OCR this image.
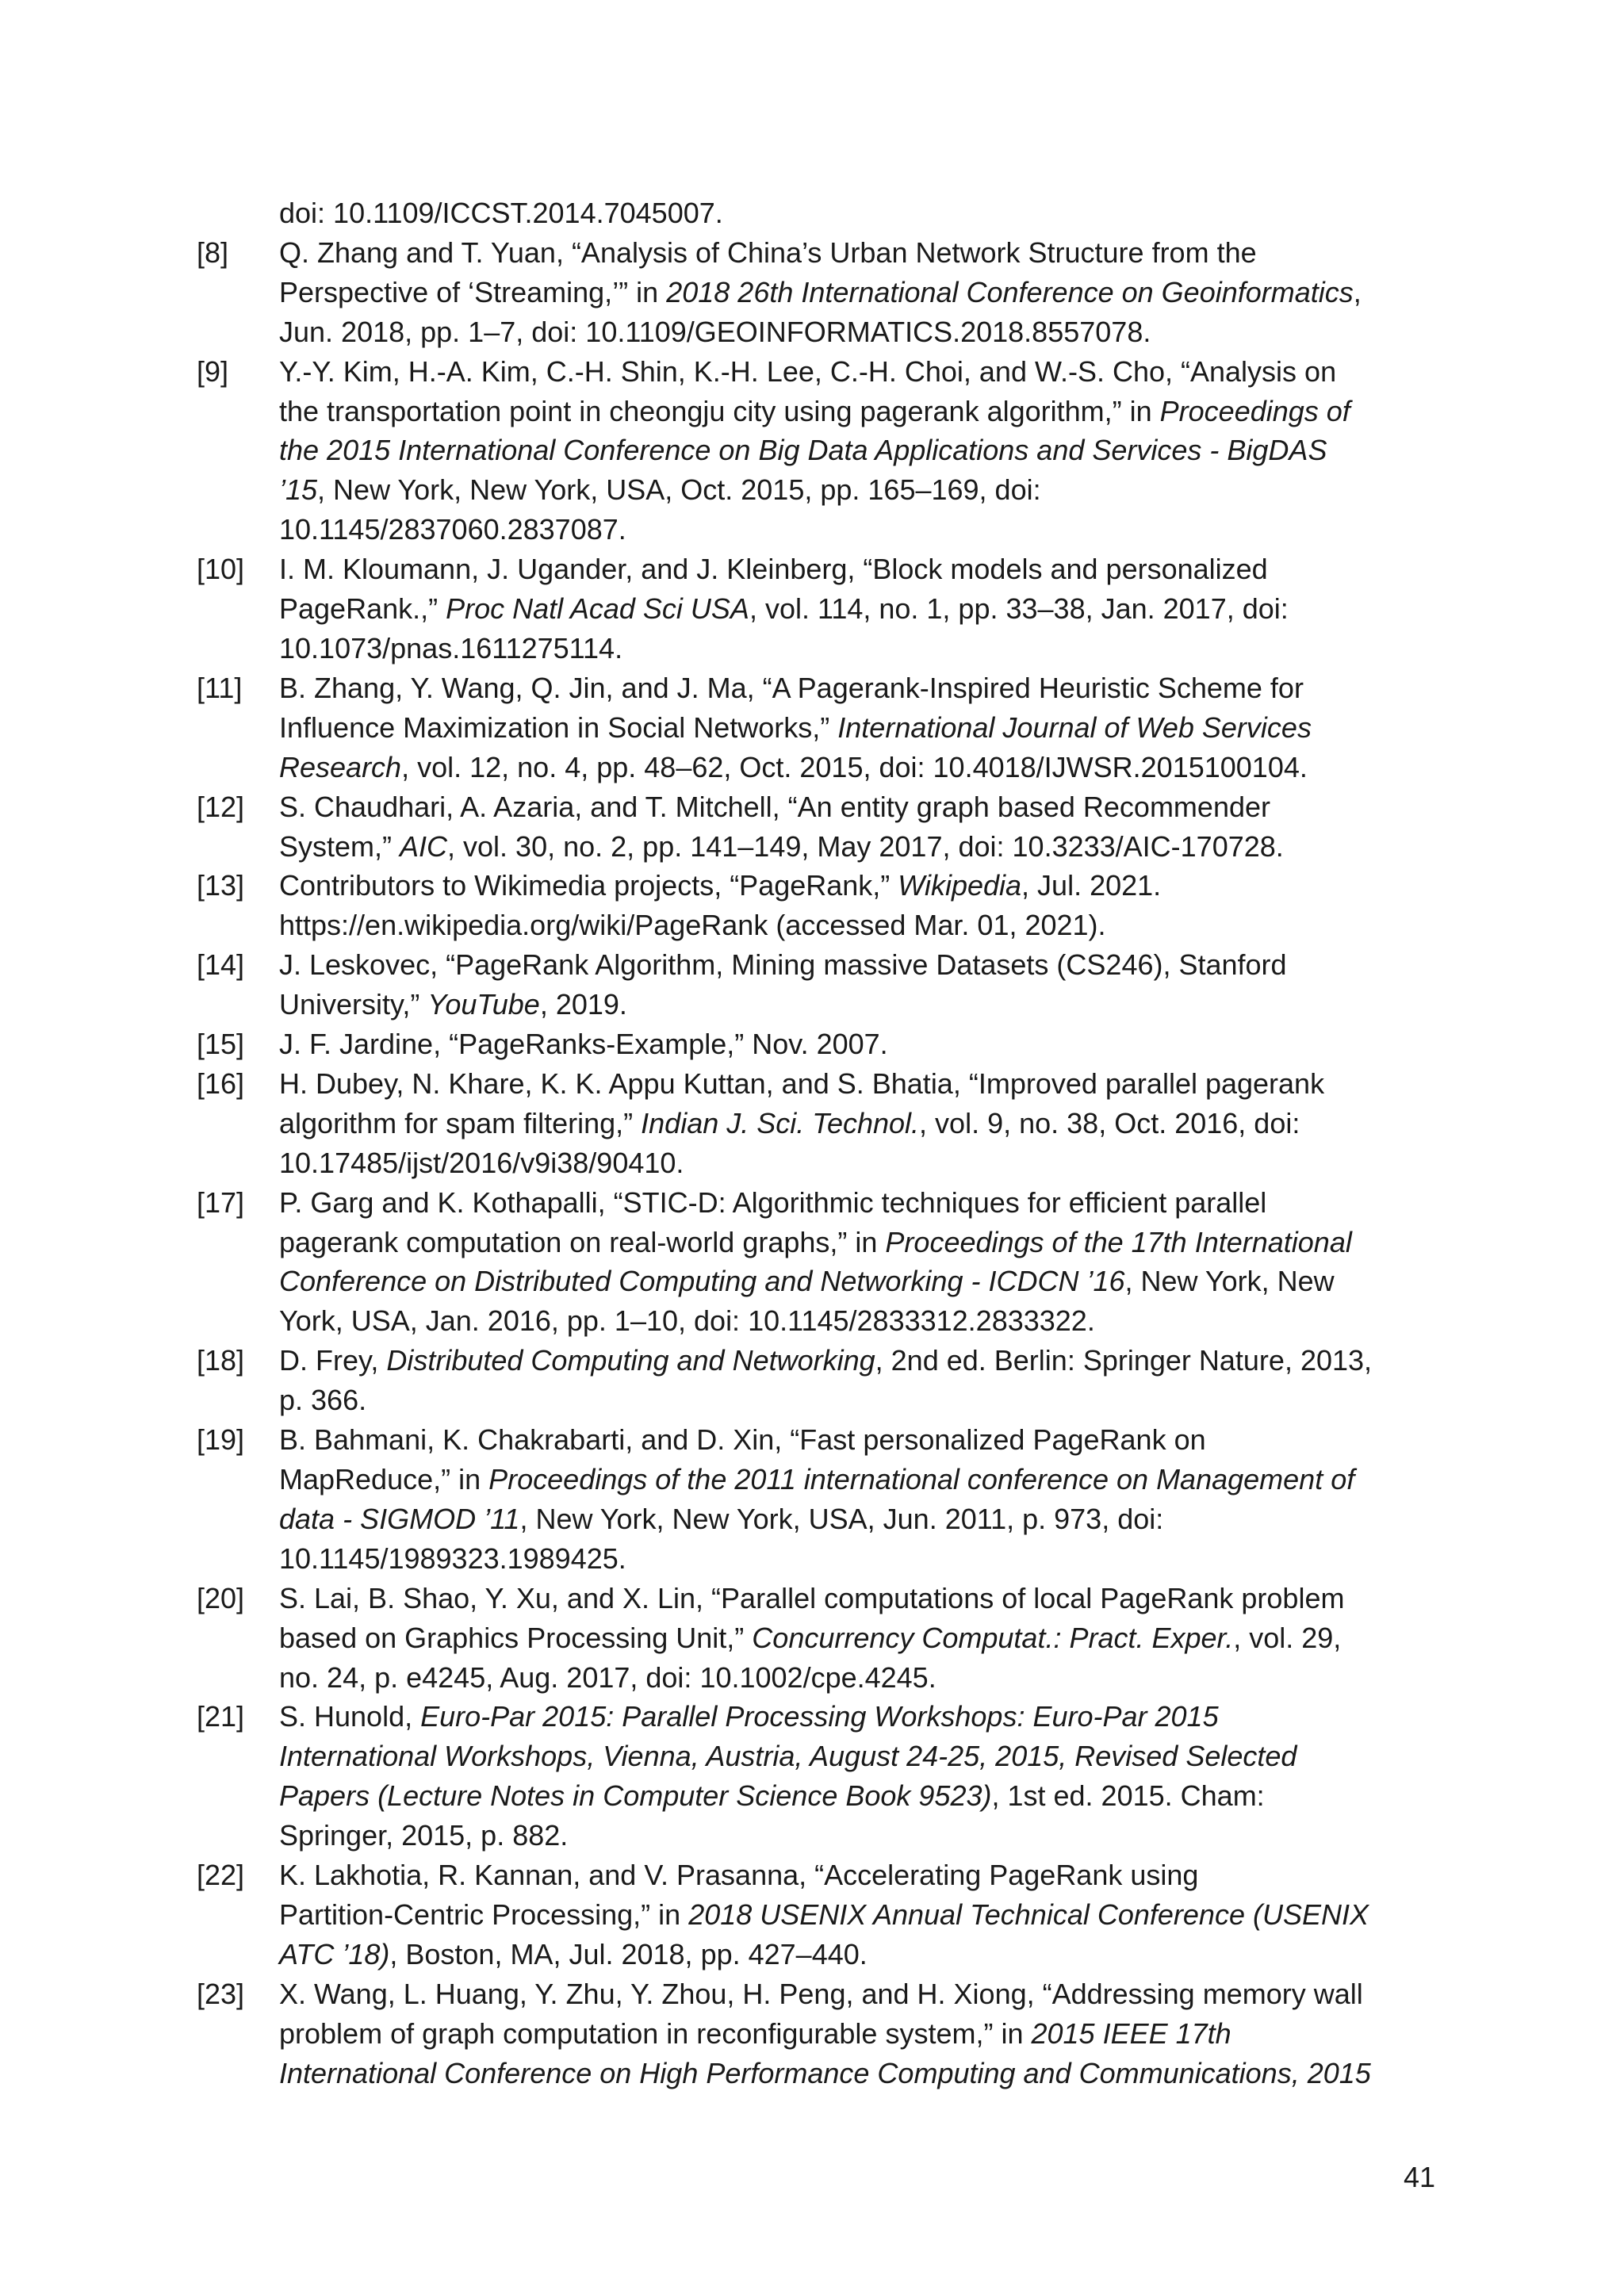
doi: 10.1109/ICCST.2014.7045007.
[8] Q. Zhang and T. Yuan, “Analysis of China’s Urban Network Structure from the
Perspective of ‘Streaming,’” in 2018 26th International Conference on Geoinformatics,
Jun. 2018, pp. 1–7, doi: 10.1109/GEOINFORMATICS.2018.8557078.
[9] Y.-Y. Kim, H.-A. Kim, C.-H. Shin, K.-H. Lee, C.-H. Choi, and W.-S. Cho, “Analysis on
the transportation point in cheongju city using pagerank algorithm,” in Proceedings of
the 2015 International Conference on Big Data Applications and Services - BigDAS
’15, New York, New York, USA, Oct. 2015, pp. 165–169, doi:
10.1145/2837060.2837087.
[10] I. M. Kloumann, J. Ugander, and J. Kleinberg, “Block models and personalized
PageRank.,” Proc Natl Acad Sci USA, vol. 114, no. 1, pp. 33–38, Jan. 2017, doi:
10.1073/pnas.1611275114.
[11] B. Zhang, Y. Wang, Q. Jin, and J. Ma, “A Pagerank-Inspired Heuristic Scheme for
Influence Maximization in Social Networks,” International Journal of Web Services
Research, vol. 12, no. 4, pp. 48–62, Oct. 2015, doi: 10.4018/IJWSR.2015100104.
[12] S. Chaudhari, A. Azaria, and T. Mitchell, “An entity graph based Recommender
System,” AIC, vol. 30, no. 2, pp. 141–149, May 2017, doi: 10.3233/AIC-170728.
[13] Contributors to Wikimedia projects, “PageRank,” Wikipedia, Jul. 2021.
https://en.wikipedia.org/wiki/PageRank (accessed Mar. 01, 2021).
[14] J. Leskovec, “PageRank Algorithm, Mining massive Datasets (CS246), Stanford
University,” YouTube, 2019.
[15] J. F. Jardine, “PageRanks-Example,” Nov. 2007.
[16] H. Dubey, N. Khare, K. K. Appu Kuttan, and S. Bhatia, “Improved parallel pagerank
algorithm for spam filtering,” Indian J. Sci. Technol., vol. 9, no. 38, Oct. 2016, doi:
10.17485/ijst/2016/v9i38/90410.
[17] P. Garg and K. Kothapalli, “STIC-D: Algorithmic techniques for efficient parallel
pagerank computation on real-world graphs,” in Proceedings of the 17th International
Conference on Distributed Computing and Networking - ICDCN ’16, New York, New
York, USA, Jan. 2016, pp. 1–10, doi: 10.1145/2833312.2833322.
[18] D. Frey, Distributed Computing and Networking, 2nd ed. Berlin: Springer Nature, 2013,
p. 366.
[19] B. Bahmani, K. Chakrabarti, and D. Xin, “Fast personalized PageRank on
MapReduce,” in Proceedings of the 2011 international conference on Management of
data - SIGMOD ’11, New York, New York, USA, Jun. 2011, p. 973, doi:
10.1145/1989323.1989425.
[20] S. Lai, B. Shao, Y. Xu, and X. Lin, “Parallel computations of local PageRank problem
based on Graphics Processing Unit,” Concurrency Computat.: Pract. Exper., vol. 29,
no. 24, p. e4245, Aug. 2017, doi: 10.1002/cpe.4245.
[21] S. Hunold, Euro-Par 2015: Parallel Processing Workshops: Euro-Par 2015
International Workshops, Vienna, Austria, August 24-25, 2015, Revised Selected
Papers (Lecture Notes in Computer Science Book 9523), 1st ed. 2015. Cham:
Springer, 2015, p. 882.
[22] K. Lakhotia, R. Kannan, and V. Prasanna, “Accelerating PageRank using
Partition-Centric Processing,” in 2018 USENIX Annual Technical Conference (USENIX
ATC ’18), Boston, MA, Jul. 2018, pp. 427–440.
[23] X. Wang, L. Huang, Y. Zhu, Y. Zhou, H. Peng, and H. Xiong, “Addressing memory wall
problem of graph computation in reconfigurable system,” in 2015 IEEE 17th
International Conference on High Performance Computing and Communications, 2015
41
